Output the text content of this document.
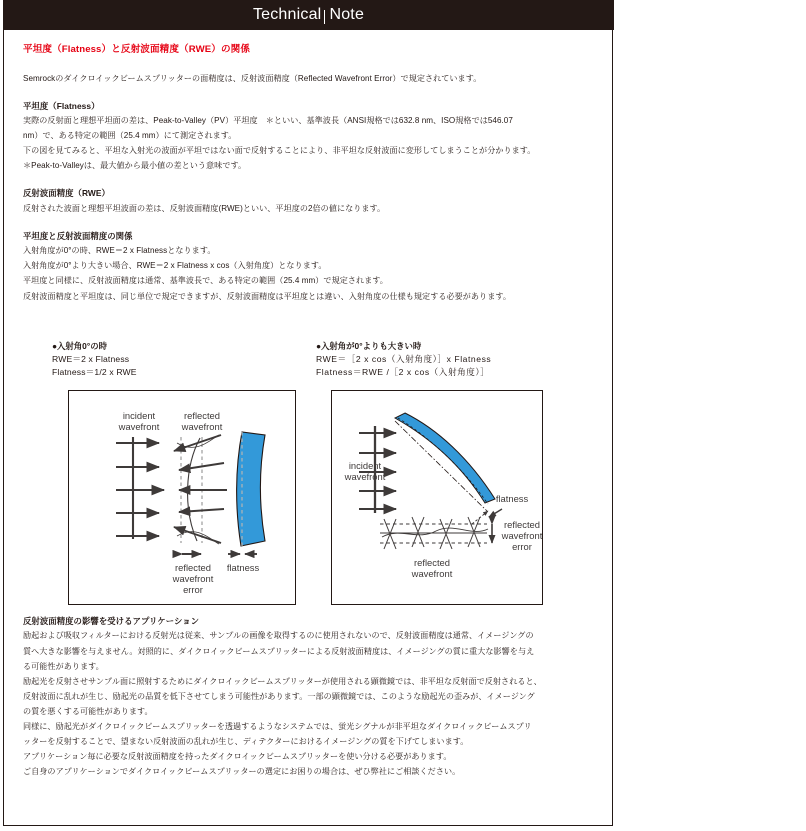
Technical Note
平坦度（Flatness）と反射波面精度（RWE）の関係

Semrockのダイクロイックビームスプリッターの面精度は、反射波面精度（Reflected Wavefront Error）で規定されています。

平坦度（Flatness）

実際の反射面と理想平坦面の差は、Peak-to-Valley（PV）平坦度　＊といい、基準波長（ANSI規格では632.8 nm、ISO規格では546.07

nm）で、ある特定の範囲（25.4 mm）にて測定されます。

下の図を見てみると、平坦な入射光の波面が平坦ではない面で反射することにより、非平坦な反射波面に変形してしまうことが分かります。

＊Peak-to-Valleyは、最大値から最小値の差という意味です。

反射波面精度（RWE）

反射された波面と理想平坦波面の差は、反射波面精度(RWE)といい、平坦度の2倍の値になります。

平坦度と反射波面精度の関係

入射角度が0°の時、RWE＝2 x Flatnessとなります。

入射角度が0°より大きい場合、RWE＝2 x Flatness x cos（入射角度）となります。

平坦度と同様に、反射波面精度は通常、基準波長で、ある特定の範囲（25.4 mm）で規定されます。

反射波面精度と平坦度は、同じ単位で規定できますが、反射波面精度は平坦度とは違い、入射角度の仕様も規定する必要があります。

●入射角0°の時
RWE＝2 x Flatness
Flatness＝1/2 x RWE
●入射角が0°よりも大きい時
RWE＝［2 x cos（入射角度）］x Flatness
Flatness＝RWE /［2 x cos（入射角度）］
incident
wavefront
reflected
wavefront
reflected
wavefront
error
flatness
incident
wavefront
flatness
reflected
wavefront
error
reflected
wavefront

反射波面精度の影響を受けるアプリケーション

励起および吸収フィルターにおける反射光は従来、サンプルの画像を取得するのに使用されないので、反射波面精度は通常、イメージングの

質へ大きな影響を与えません。対照的に、ダイクロイックビームスプリッターによる反射波面精度は、イメージングの質に重大な影響を与え

る可能性があります。

励起光を反射させサンプル面に照射するためにダイクロイックビームスプリッターが使用される顕微鏡では、非平坦な反射面で反射されると、

反射波面に乱れが生じ、励起光の品質を低下させてしまう可能性があります。一部の顕微鏡では、このような励起光の歪みが、イメージング

の質を悪くする可能性があります。

同様に、励起光がダイクロイックビームスプリッターを透過するようなシステムでは、蛍光シグナルが非平坦なダイクロイックビームスプリ

ッターを反射することで、望まない反射波面の乱れが生じ、ディテクターにおけるイメージングの質を下げてしまいます。

アプリケーション毎に必要な反射波面精度を持ったダイクロイックビームスプリッターを使い分ける必要があります。

ご自身のアプリケーションでダイクロイックビームスプリッターの選定にお困りの場合は、ぜひ弊社にご相談ください。
